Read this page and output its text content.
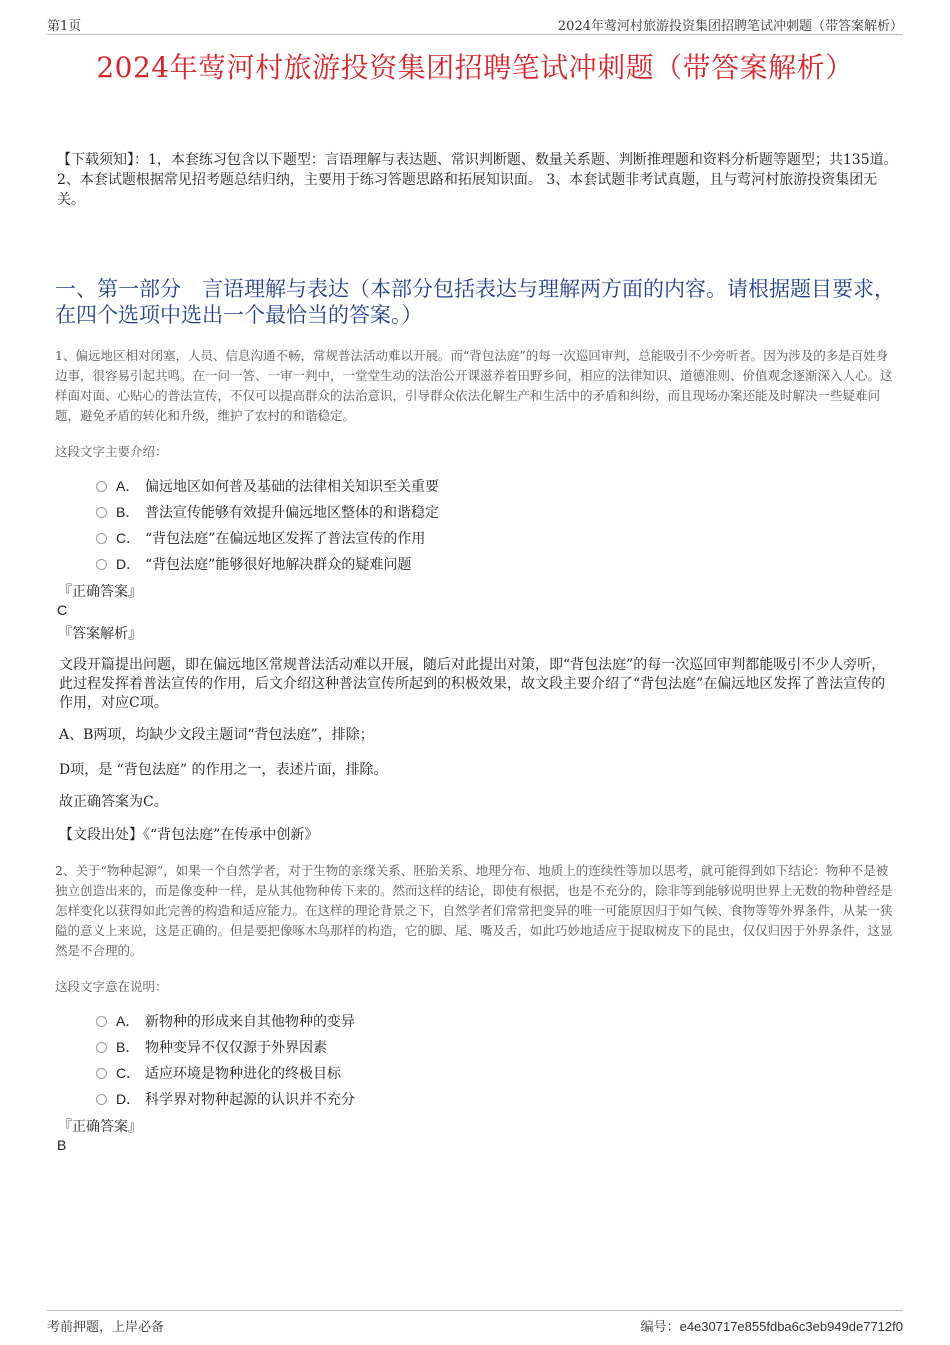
第1页	2024年莺河村旅游投资集团招聘笔试冲刺题（带答案解析）
2024年莺河村旅游投资集团招聘笔试冲刺题（带答案解析）
【下载须知】：1，本套练习包含以下题型：言语理解与表达题、常识判断题、数量关系题、判断推理题和资料分析题等题型；共135道。 2、本套试题根据常见招考题总结归纳，主要用于练习答题思路和拓展知识面。 3、本套试题非考试真题，且与莺河村旅游投资集团无关。
一、第一部分　言语理解与表达（本部分包括表达与理解两方面的内容。请根据题目要求，在四个选项中选出一个最恰当的答案。）
1、偏远地区相对闭塞，人员、信息沟通不畅，常规普法活动难以开展。而“背包法庭”的每一次巡回审判，总能吸引不少旁听者。因为涉及的多是百姓身边事，很容易引起共鸣。在一问一答、一审一判中，一堂堂生动的法治公开课滋养着田野乡间，相应的法律知识、道德准则、价值观念逐渐深入人心。这样面对面、心贴心的普法宣传，不仅可以提高群众的法治意识，引导群众依法化解生产和生活中的矛盾和纠纷，而且现场办案还能及时解决一些疑难问题，避免矛盾的转化和升级，维护了农村的和谐稳定。
这段文字主要介绍：
A． 偏远地区如何普及基础的法律相关知识至关重要
B． 普法宣传能够有效提升偏远地区整体的和谐稳定
C． “背包法庭”在偏远地区发挥了普法宣传的作用
D． “背包法庭”能够很好地解决群众的疑难问题
『正确答案』
C
『答案解析』
文段开篇提出问题，即在偏远地区常规普法活动难以开展，随后对此提出对策，即“背包法庭”的每一次巡回审判都能吸引不少人旁听，此过程发挥着普法宣传的作用，后文介绍这种普法宣传所起到的积极效果，故文段主要介绍了“背包法庭”在偏远地区发挥了普法宣传的作用，对应C项。
A、B两项，均缺少文段主题词“背包法庭”，排除；
D项，是 “背包法庭” 的作用之一，表述片面，排除。
故正确答案为C。
【文段出处】《“背包法庭”在传承中创新》
2、关于“物种起源”，如果一个自然学者，对于生物的亲缘关系、胚胎关系、地理分布、地质上的连续性等加以思考，就可能得到如下结论：物种不是被独立创造出来的，而是像变种一样，是从其他物种传下来的。然而这样的结论，即使有根据，也是不充分的，除非等到能够说明世界上无数的物种曾经是怎样变化以获得如此完善的构造和适应能力。在这样的理论背景之下，自然学者们常常把变异的唯一可能原因归于如气候、食物等等外界条件，从某一狭隘的意义上来说，这是正确的。但是要把像啄木鸟那样的构造，它的脚、尾、嘴及舌，如此巧妙地适应于捉取树皮下的昆虫，仅仅归因于外界条件，这显然是不合理的。
这段文字意在说明：
A． 新物种的形成来自其他物种的变异
B． 物种变异不仅仅源于外界因素
C． 适应环境是物种进化的终极目标
D． 科学界对物种起源的认识并不充分
『正确答案』
B
考前押题，上岸必备	编号：e4e30717e855fdba6c3eb949de7712f0
